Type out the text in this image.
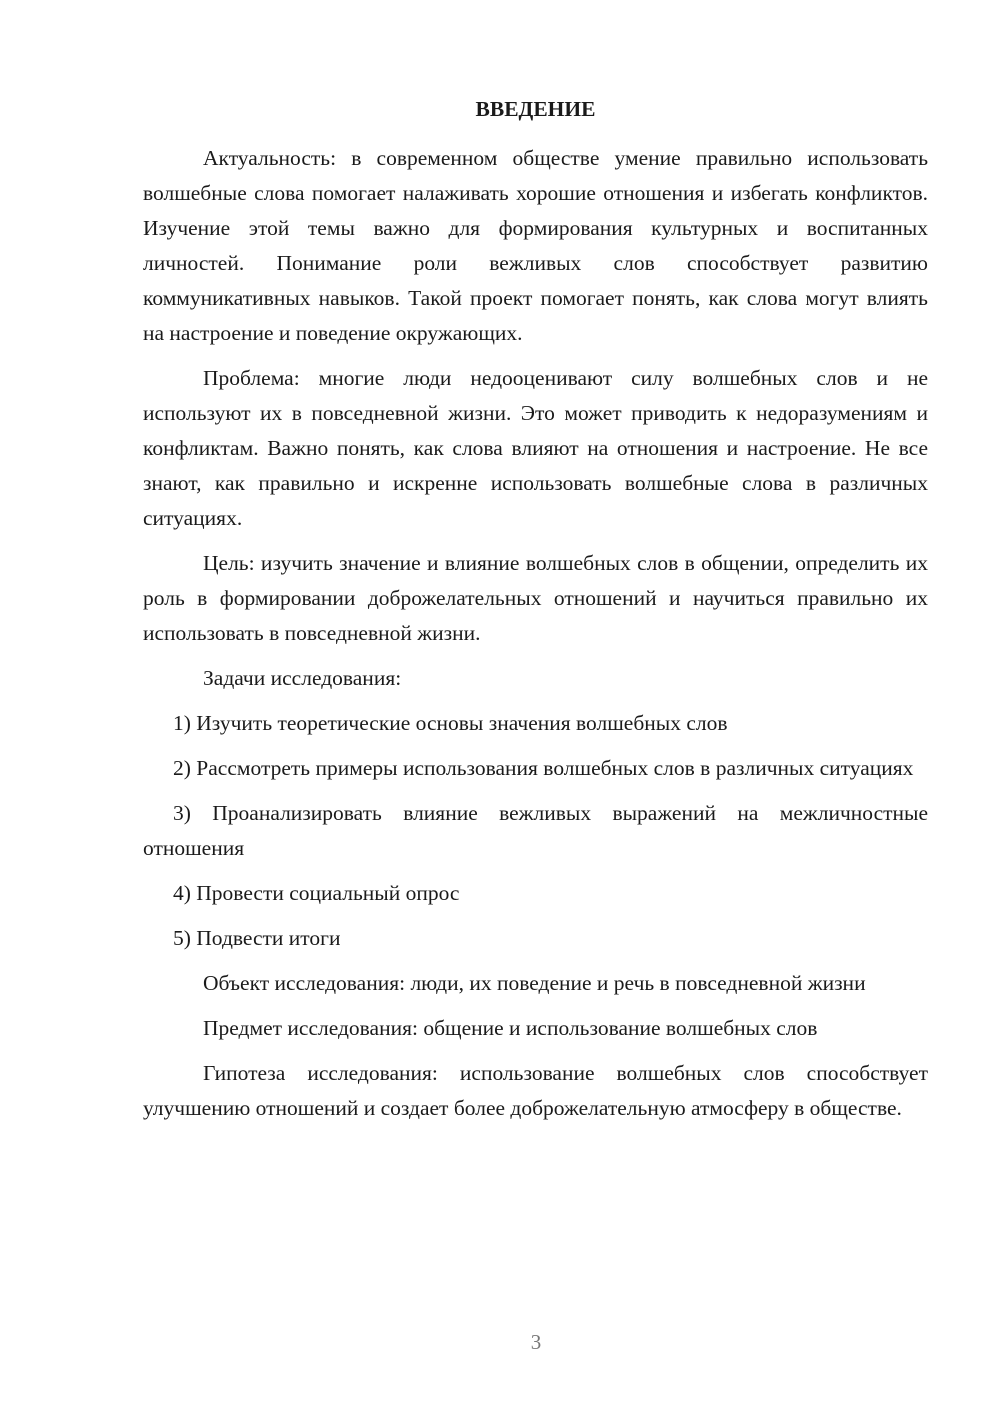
ВВЕДЕНИЕ

Актуальность: в современном обществе умение правильно использовать волшебные слова помогает налаживать хорошие отношения и избегать конфликтов. Изучение этой темы важно для формирования культурных и воспитанных личностей. Понимание роли вежливых слов способствует развитию коммуникативных навыков. Такой проект помогает понять, как слова могут влиять на настроение и поведение окружающих.

Проблема: многие люди недооценивают силу волшебных слов и не используют их в повседневной жизни. Это может приводить к недоразумениям и конфликтам. Важно понять, как слова влияют на отношения и настроение. Не все знают, как правильно и искренне использовать волшебные слова в различных ситуациях.

Цель: изучить значение и влияние волшебных слов в общении, определить их роль в формировании доброжелательных отношений и научиться правильно их использовать в повседневной жизни.

Задачи исследования:

1) Изучить теоретические основы значения волшебных слов

2) Рассмотреть примеры использования волшебных слов в различных ситуациях

3) Проанализировать влияние вежливых выражений на межличностные отношения

4) Провести социальный опрос

5) Подвести итоги

Объект исследования: люди, их поведение и речь в повседневной жизни

Предмет исследования: общение и использование волшебных слов

Гипотеза исследования: использование волшебных слов способствует улучшению отношений и создает более доброжелательную атмосферу в обществе.

3
